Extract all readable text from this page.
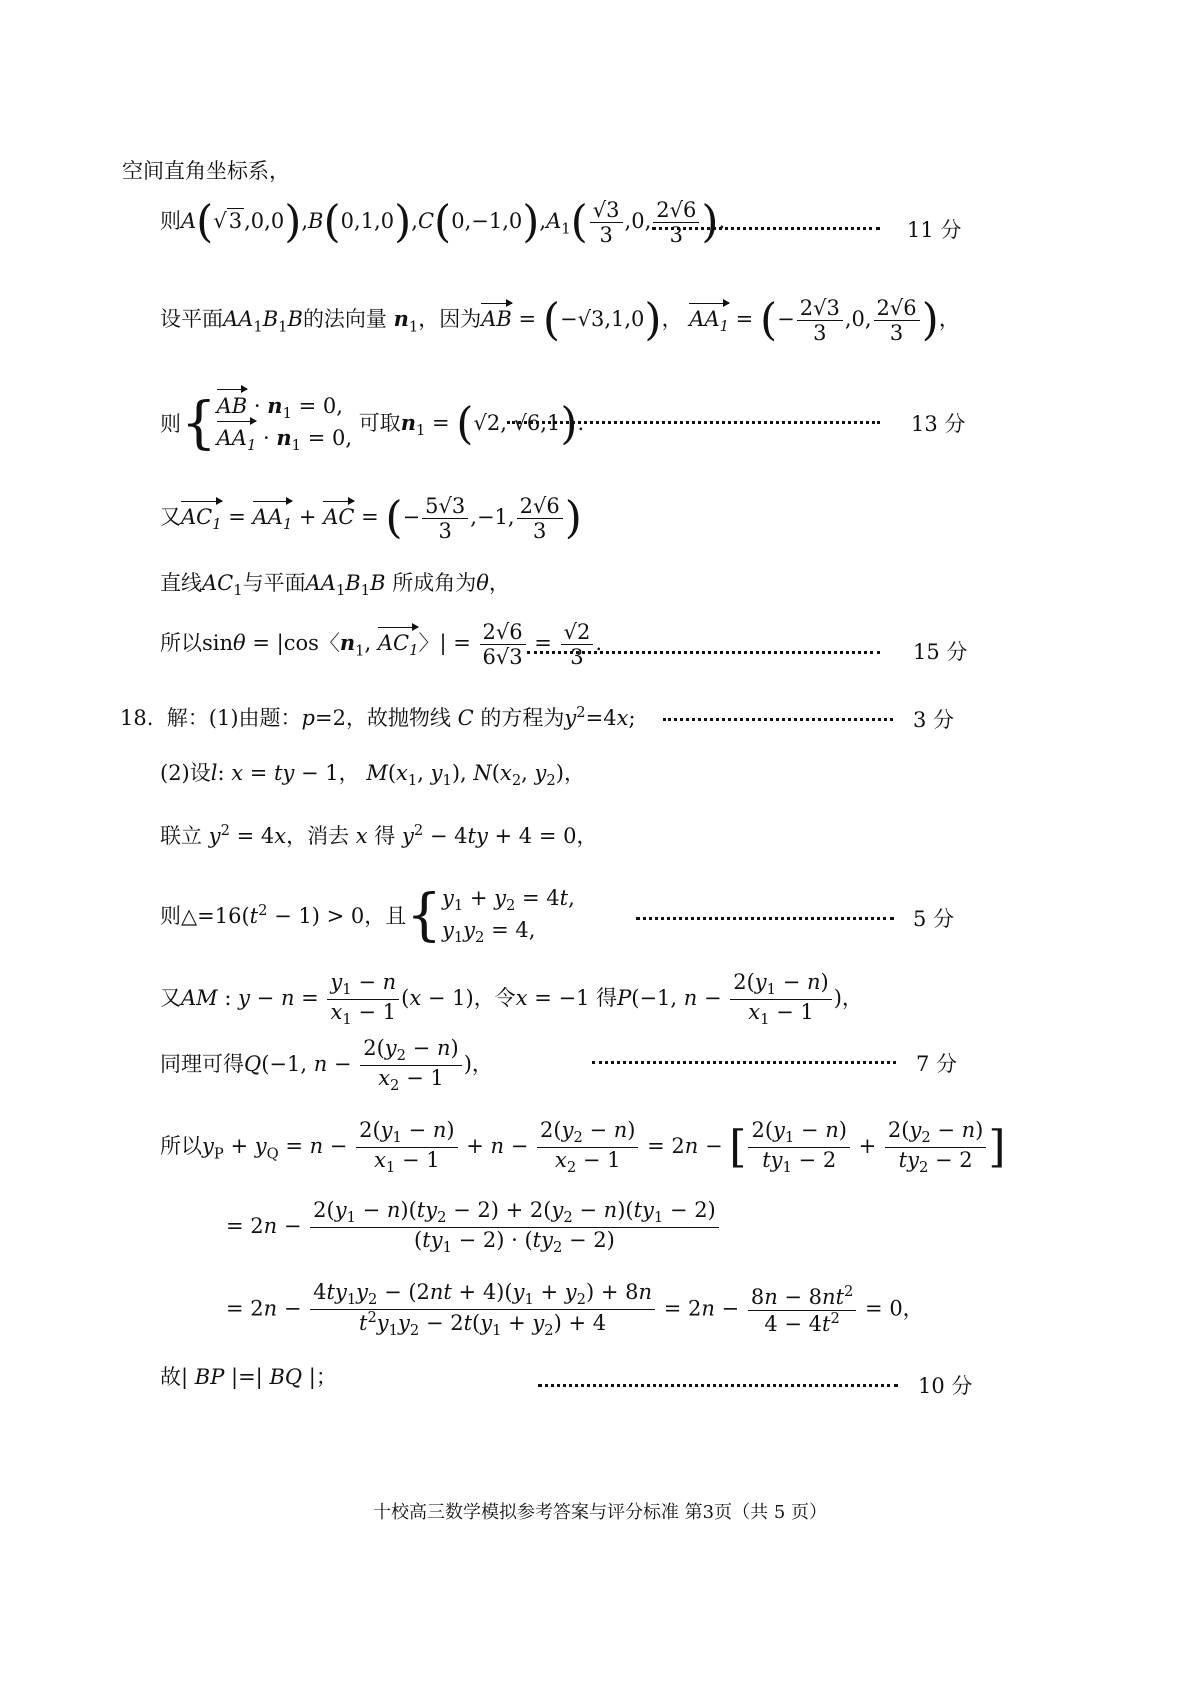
空间直角坐标系，
则$A(√3,0,0),B(0,1,0),C(0,-1,0),A_1( \frac{√3}{3} ,0$, $\frac{2√6}{3}$ ).	11 分
设平面$AA_1B_1B$的法向量 $n_1$，因为AB = (−√3,1,0)， $AA_1$ = (− $\frac{2√3}{3} ,0$, $\frac{2√6}{3}$ )，
则 { AB · $n_1 = 0$,
$AA_1 \cdot n_1 = 0$,
可取$n_1 = (√2$, √6,1).	13 分
又$AC_1 = AA_1$ + AC = (− $\frac{5√3}{3} ,-1$, $\frac{2√6}{3}$ )
直线$AC_1$与平面$AA_1B_1B$ 所成角为θ，
所以sinθ = |cos〈$n_1$, $AC_1$〉| = $\frac{2√6}{6√3} = \frac{√2}{3}$ .	15 分
18. 解：(1)由题：p=2，故抛物线 C 的方程为$y^2=4x$;	3 分
(2)设l: x = ty − 1， $M(x_1$, $y_1$), $N(x_2$, $y_2$)，
联立 $y^2 = 4x$，消去 x 得 $y^2 - 4ty + 4 = 0$，
则$\triangle=16(t^2 - 1) > 0$，且 { $y_1 + y_2 = 4t$,
$y_1y_2 = 4$,	5 分
又AM : $y - n = \frac{y_1 - n}{x_1 - 1} (x - 1)$，令x = −1 得P(−1, $n - \frac{2(y_1 - n)}{x_1 - 1}$ )，
同理可得Q(−1, $n - \frac{2(y_2 - n)}{x_2 - 1}$ )，	7 分
所以$y_P + y_Q = n - \frac{2(y_1 - n)}{x_1 - 1} + n - \frac{2(y_2 - n)}{x_2 - 1} = 2n$ − [ $\frac{2(y_1 - n)}{ty_1 - 2} + \frac{2(y_2 - n)}{ty_2 - 2}$ ]
= $2n - \frac{2(y_1 - n)(ty_2 - 2) + 2(y_2 - n)(ty_1 - 2)}{(ty_1 - 2) \cdot (ty_2 - 2)}$
= $2n - \frac{4ty_1y_2 - (2nt + 4)(y_1 + y_2) + 8n}{t^2y_1y_2 - 2t(y_1 + y_2) + 4} = 2n - \frac{8n - 8nt^2}{4 - 4t^2} = 0$，
故| BP |=| BQ |；	10 分
十校高三数学模拟参考答案与评分标准 第3页（共 5 页）
